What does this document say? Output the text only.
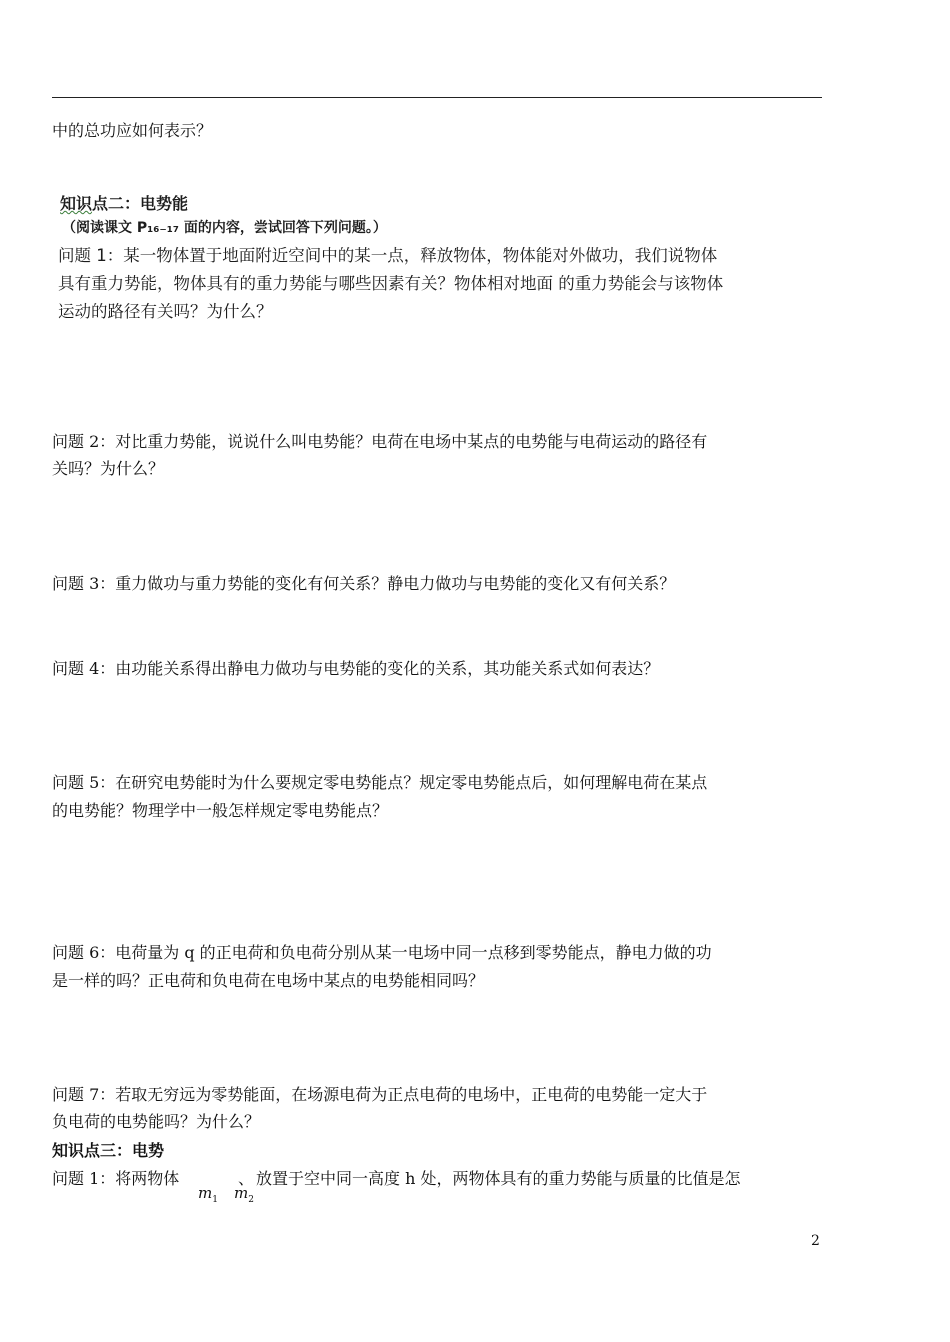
中的总功应如何表示？
知识点二：电势能
（阅读课文 P₁₆₋₁₇ 面的内容，尝试回答下列问题。）
问题 1：某一物体置于地面附近空间中的某一点，释放物体，物体能对外做功，我们说物体
具有重力势能，物体具有的重力势能与哪些因素有关？物体相对地面 的重力势能会与该物体
运动的路径有关吗？为什么？
问题 2：对比重力势能，说说什么叫电势能？电荷在电场中某点的电势能与电荷运动的路径有
关吗？为什么？
问题 3：重力做功与重力势能的变化有何关系？静电力做功与电势能的变化又有何关系？
问题 4：由功能关系得出静电力做功与电势能的变化的关系，其功能关系式如何表达？
问题 5：在研究电势能时为什么要规定零电势能点？规定零电势能点后，如何理解电荷在某点
的电势能？物理学中一般怎样规定零电势能点？
问题 6：电荷量为 q 的正电荷和负电荷分别从某一电场中同一点移到零势能点，静电力做的功
是一样的吗？正电荷和负电荷在电场中某点的电势能相同吗？
问题 7：若取无穷远为零势能面，在场源电荷为正点电荷的电场中，正电荷的电势能一定大于
负电荷的电势能吗？为什么？
知识点三：电势
问题 1：将两物体	、 放置于空中同一高度 h 处，两物体具有的重力势能与质量的比值是怎
$m_1$ $m_2$
2
